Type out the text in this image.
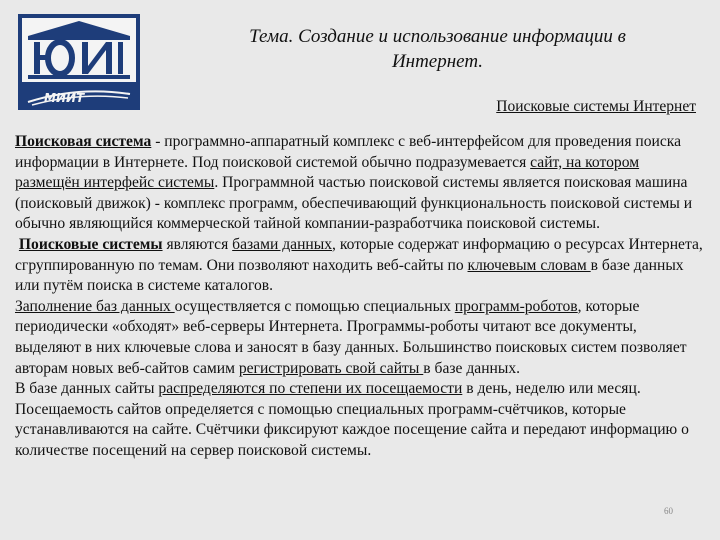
МИИТ
Тема. Создание и использование информации в
Интернет.
Поисковые системы Интернет
Поисковая система - программно-аппаратный комплекс с веб-интерфейсом для проведения поиска информации в Интернете. Под поисковой системой обычно подразумевается сайт, на котором размещён интерфейс системы. Программной частью поисковой системы является поисковая машина (поисковый движок) - комплекс программ, обеспечивающий функциональность поисковой системы и обычно являющийся коммерческой тайной компании-разработчика поисковой системы.
Поисковые системы являются базами данных, которые содержат информацию о ресурсах Интернета, сгруппированную по темам. Они позволяют находить веб-сайты по ключевым словам в базе данных или путём поиска в системе каталогов.
Заполнение баз данных осуществляется с помощью специальных программ-роботов, которые периодически «обходят» веб-серверы Интернета. Программы-роботы читают все документы, выделяют в них ключевые слова и заносят в базу данных. Большинство поисковых систем позволяет авторам новых веб-сайтов самим регистрировать свой сайты в базе данных.
В базе данных сайты распределяются по степени их посещаемости в день, неделю или месяц. Посещаемость сайтов определяется с помощью специальных программ-счётчиков, которые устанавливаются на сайте. Счётчики фиксируют каждое посещение сайта и передают информацию о количестве посещений на сервер поисковой системы.
60
